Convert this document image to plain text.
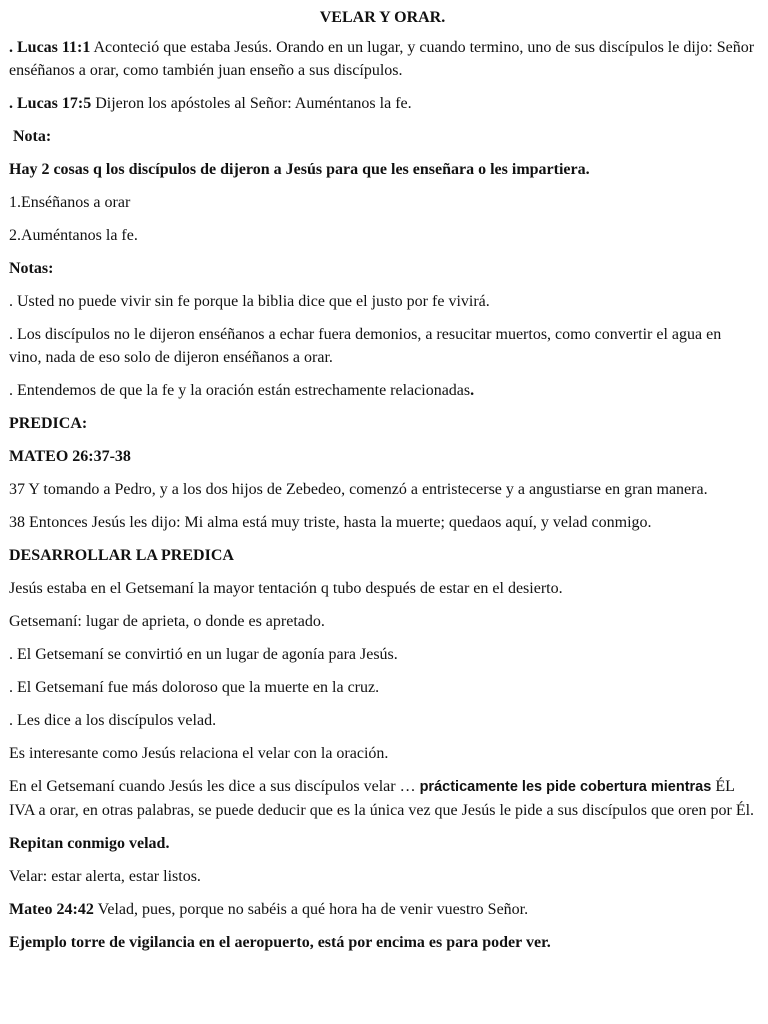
VELAR Y ORAR.

. Lucas 11:1 Aconteció que estaba Jesús. Orando en un lugar, y cuando termino, uno de sus discípulos le dijo: Señor enséñanos a orar, como también juan enseño a sus discípulos.

. Lucas 17:5 Dijeron los apóstoles al Señor: Auméntanos la fe.

Nota:

Hay 2 cosas q los discípulos de dijeron a Jesús para que les enseñara o les impartiera.

1.Enséñanos a orar

2.Auméntanos la fe.

Notas:

. Usted no puede vivir sin fe porque la biblia dice que el justo por fe vivirá.

. Los discípulos no le dijeron enséñanos a echar fuera demonios, a resucitar muertos, como convertir el agua en vino, nada de eso solo de dijeron enséñanos a orar.

. Entendemos de que la fe y la oración están estrechamente relacionadas.

PREDICA:

MATEO 26:37-38

37 Y tomando a Pedro, y a los dos hijos de Zebedeo, comenzó a entristecerse y a angustiarse en gran manera.

38 Entonces Jesús les dijo: Mi alma está muy triste, hasta la muerte; quedaos aquí, y velad conmigo.

DESARROLLAR LA PREDICA

Jesús estaba en el Getsemaní la mayor tentación q tubo después de estar en el desierto.

Getsemaní: lugar de aprieta, o donde es apretado.

. El Getsemaní se convirtió en un lugar de agonía para Jesús.

. El Getsemaní fue más doloroso que la muerte en la cruz.

. Les dice a los discípulos velad.

Es interesante como Jesús relaciona el velar con la oración.

En el Getsemaní cuando Jesús les dice a sus discípulos velar … prácticamente les pide cobertura mientras ÉL IVA a orar, en otras palabras, se puede deducir que es la única vez que Jesús le pide a sus discípulos que oren por Él.

Repitan conmigo velad.

Velar: estar alerta, estar listos.

Mateo 24:42 Velad, pues, porque no sabéis a qué hora ha de venir vuestro Señor.

Ejemplo torre de vigilancia en el aeropuerto, está por encima es para poder ver.
